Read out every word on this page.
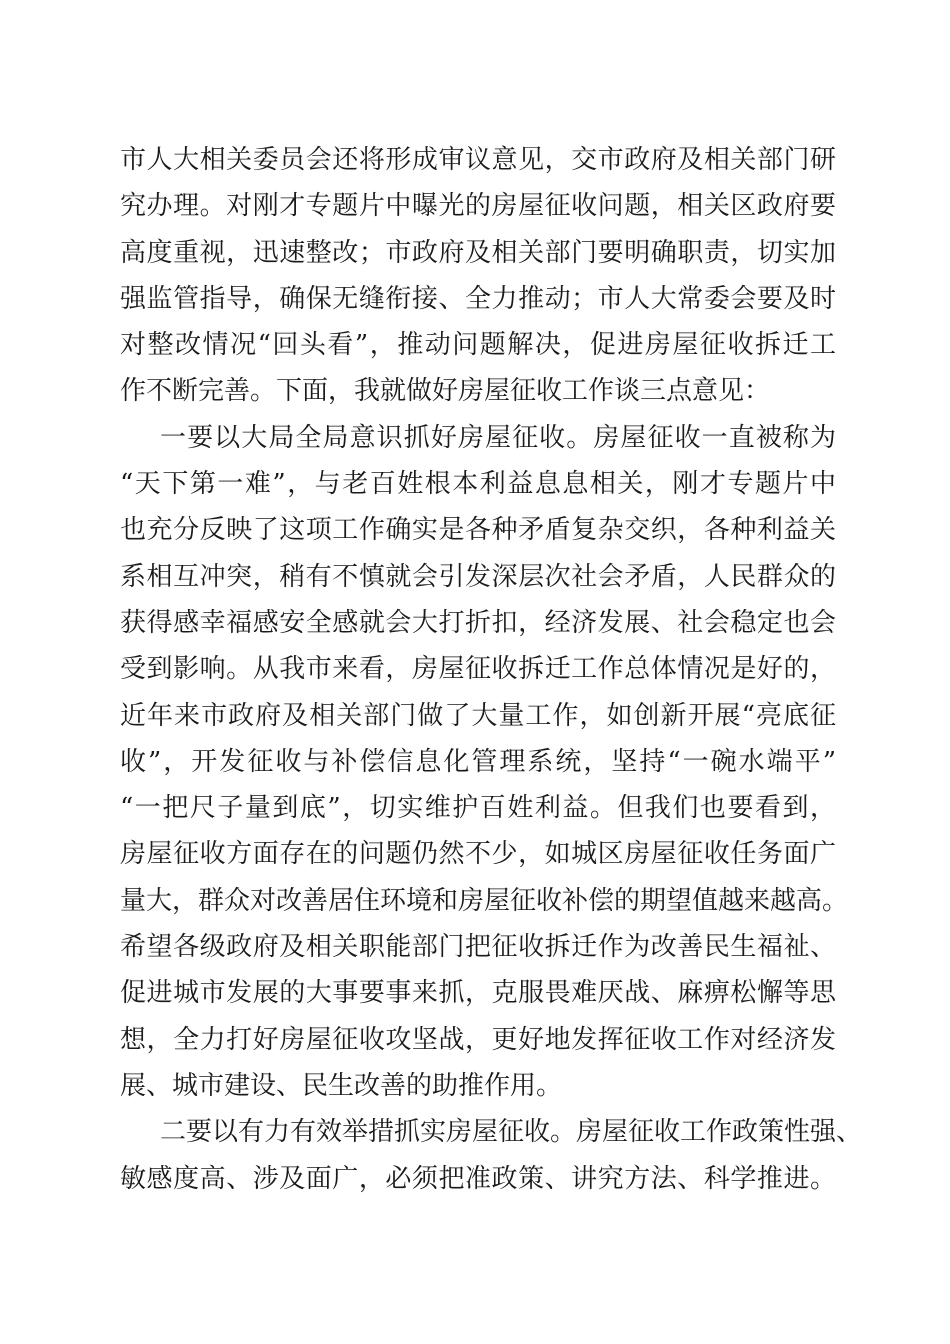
市人大相关委员会还将形成审议意见，交市政府及相关部门研
究办理。对刚才专题片中曝光的房屋征收问题，相关区政府要
高度重视，迅速整改；市政府及相关部门要明确职责，切实加
强监管指导，确保无缝衔接、全力推动；市人大常委会要及时
对整改情况“回头看”，推动问题解决，促进房屋征收拆迁工
作不断完善。下面，我就做好房屋征收工作谈三点意见：
一要以大局全局意识抓好房屋征收。房屋征收一直被称为
“天下第一难”，与老百姓根本利益息息相关，刚才专题片中
也充分反映了这项工作确实是各种矛盾复杂交织，各种利益关
系相互冲突，稍有不慎就会引发深层次社会矛盾，人民群众的
获得感幸福感安全感就会大打折扣，经济发展、社会稳定也会
受到影响。从我市来看，房屋征收拆迁工作总体情况是好的，
近年来市政府及相关部门做了大量工作，如创新开展“亮底征
收”，开发征收与补偿信息化管理系统，坚持“一碗水端平”
“一把尺子量到底”，切实维护百姓利益。但我们也要看到，
房屋征收方面存在的问题仍然不少，如城区房屋征收任务面广
量大，群众对改善居住环境和房屋征收补偿的期望值越来越高。
希望各级政府及相关职能部门把征收拆迁作为改善民生福祉、
促进城市发展的大事要事来抓，克服畏难厌战、麻痹松懈等思
想，全力打好房屋征收攻坚战，更好地发挥征收工作对经济发
展、城市建设、民生改善的助推作用。
二要以有力有效举措抓实房屋征收。房屋征收工作政策性强、
敏感度高、涉及面广，必须把准政策、讲究方法、科学推进。
